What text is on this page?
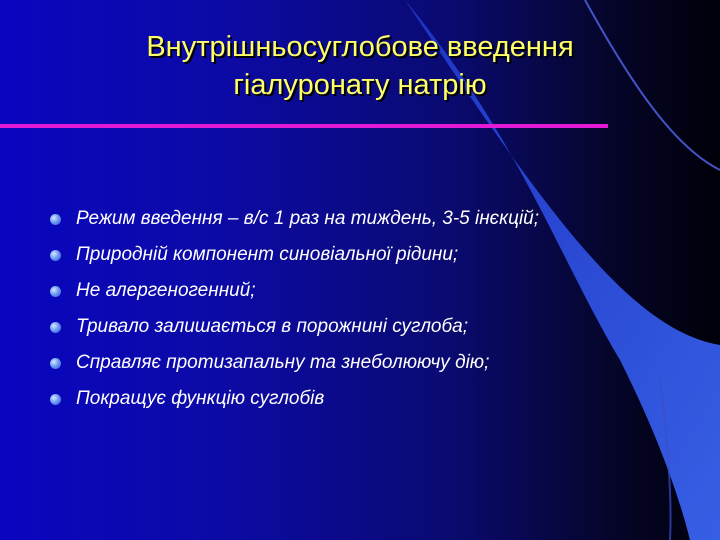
Внутрішньосуглобове введення
гіалуронату натрію
Режим введення – в/с 1 раз на тиждень, 3-5 інєкцій;
Природній компонент синовіальної рідини;
Не алергеногенний;
Тривало залишається в порожнині суглоба;
Справляє протизапальну та знеболюючу дію;
Покращує функцію суглобів
